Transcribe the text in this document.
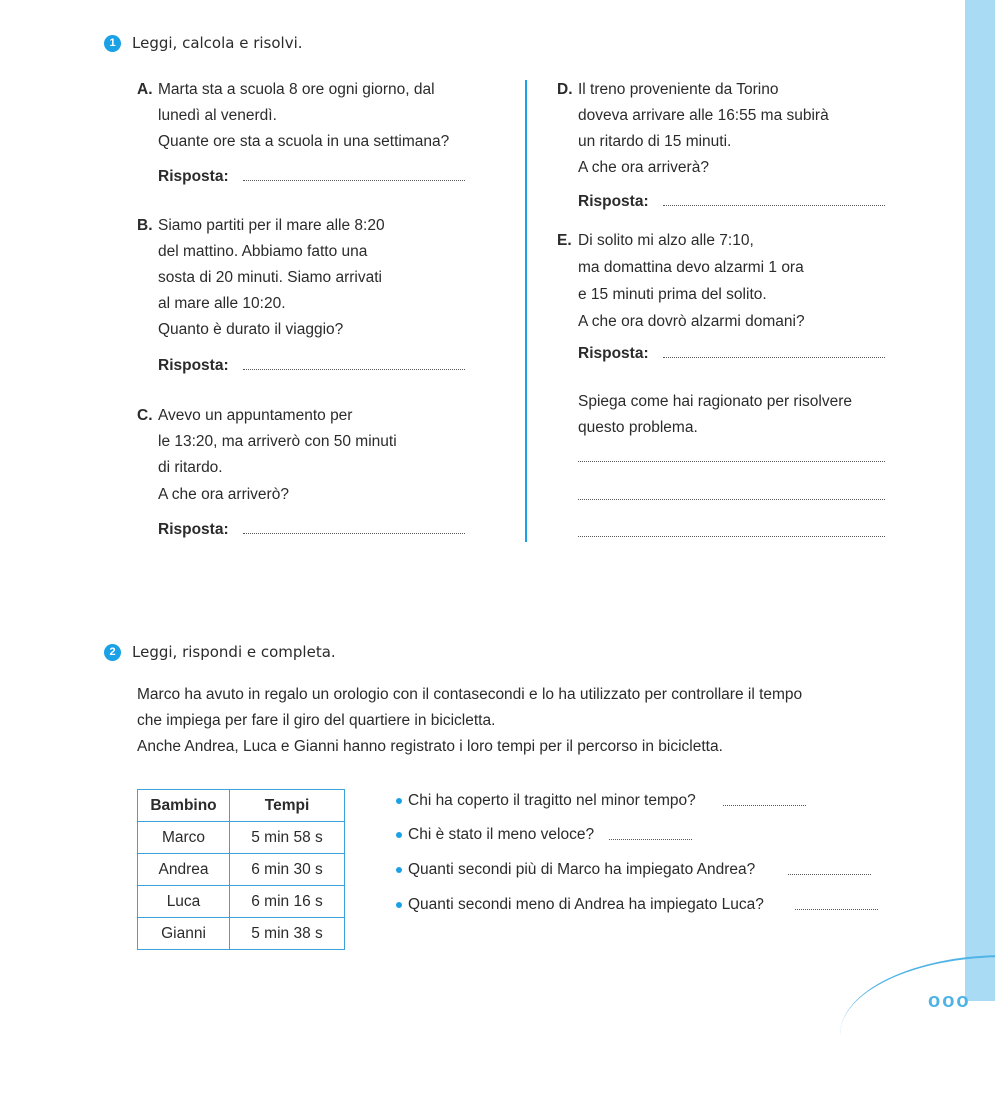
ooo
1	Leggi, calcola e risolvi.
A. Marta sta a scuola 8 ore ogni giorno, dal
lunedì al venerdì.
Quante ore sta a scuola in una settimana?
Risposta:
B. Siamo partiti per il mare alle 8:20
del mattino. Abbiamo fatto una
sosta di 20 minuti. Siamo arrivati
al mare alle 10:20.
Quanto è durato il viaggio?
Risposta:
C. Avevo un appuntamento per
le 13:20, ma arriverò con 50 minuti
di ritardo.
A che ora arriverò?
Risposta:
D. Il treno proveniente da Torino
doveva arrivare alle 16:55 ma subirà
un ritardo di 15 minuti.
A che ora arriverà?
Risposta:
E. Di solito mi alzo alle 7:10,
ma domattina devo alzarmi 1 ora
e 15 minuti prima del solito.
A che ora dovrò alzarmi domani?
Risposta:
Spiega come hai ragionato per risolvere
questo problema.
2	Leggi, rispondi e completa.
Marco ha avuto in regalo un orologio con il contasecondi e lo ha utilizzato per controllare il tempo
che impiega per fare il giro del quartiere in bicicletta.
Anche Andrea, Luca e Gianni hanno registrato i loro tempi per il percorso in bicicletta.
Bambino	Tempi
Marco	5 min 58 s
Andrea	6 min 30 s
Luca	6 min 16 s
Gianni	5 min 38 s
Chi ha coperto il tragitto nel minor tempo?
Chi è stato il meno veloce?
Quanti secondi più di Marco ha impiegato Andrea?
Quanti secondi meno di Andrea ha impiegato Luca?
